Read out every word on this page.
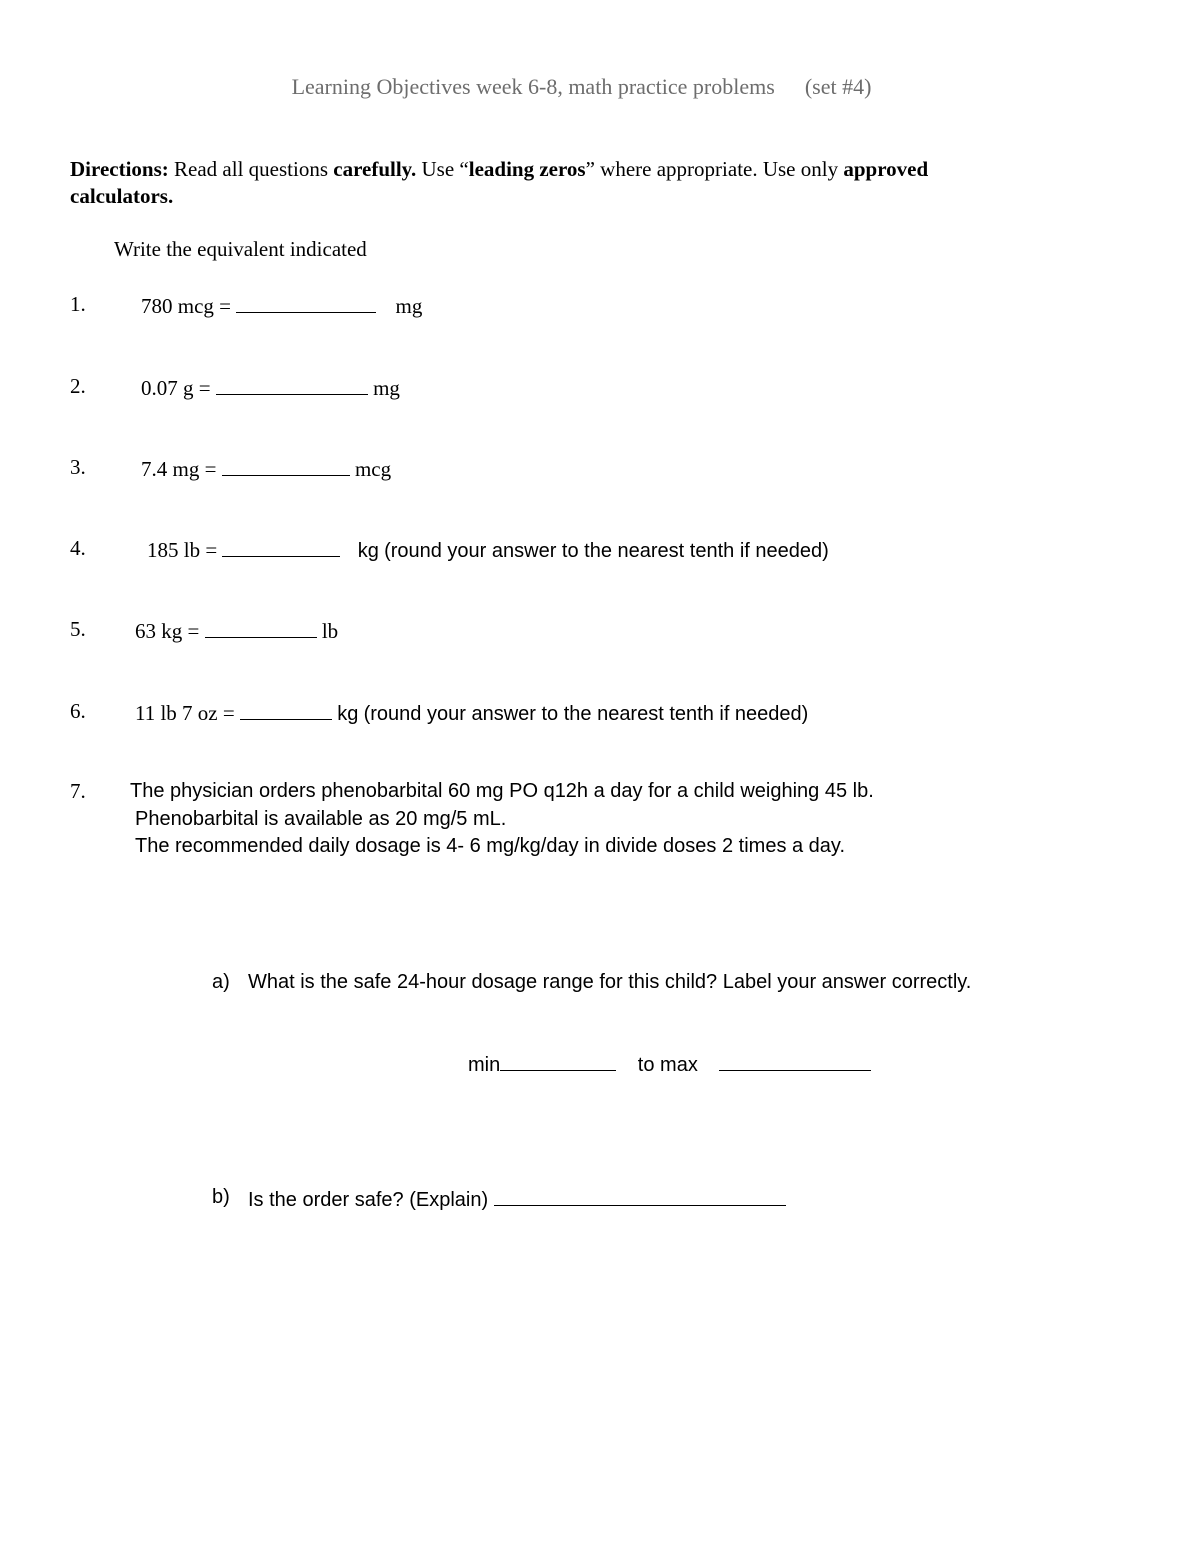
Learning Objectives week 6-8, math practice problems (set #4)
Directions: Read all questions carefully. Use “leading zeros” where appropriate. Use only approved
calculators.
Write the equivalent indicated
1.	780 mcg =	mg
2.	0.07 g =	mg
3.	7.4 mg =	mcg
4.	185 lb =	kg (round your answer to the nearest tenth if needed)
5. 63 kg =	lb
6. 11 lb 7 oz =	kg (round your answer to the nearest tenth if needed)
7. The physician orders phenobarbital 60 mg PO q12h a day for a child weighing 45 lb.
Phenobarbital is available as 20 mg/5 mL.
The recommended daily dosage is 4- 6 mg/kg/day in divide doses 2 times a day.
a) What is the safe 24-hour dosage range for this child? Label your answer correctly.
min	to max
b) Is the order safe? (Explain)
